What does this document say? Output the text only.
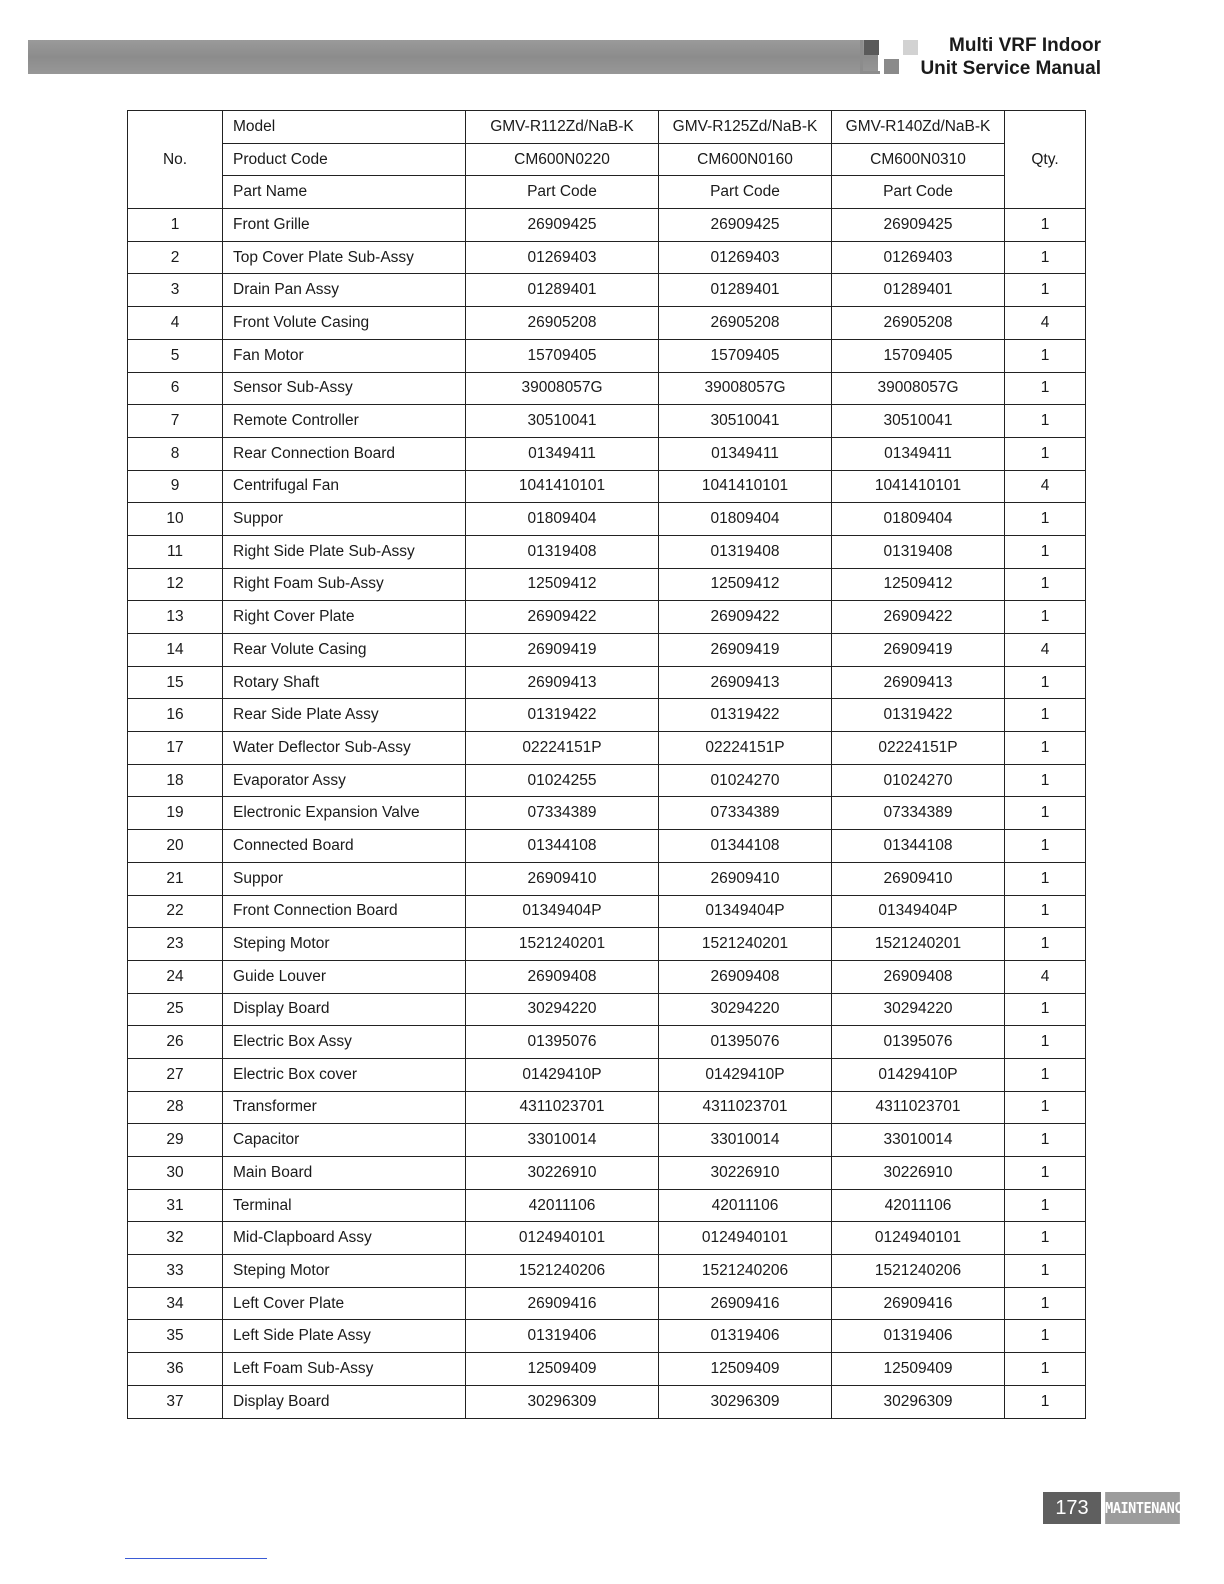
Multi VRF Indoor
Unit Service Manual
No.	Model	GMV-R112Zd/NaB-K	GMV-R125Zd/NaB-K	GMV-R140Zd/NaB-K	Qty.
	Product Code	CM600N0220	CM600N0160	CM600N0310	
	Part Name	Part Code	Part Code	Part Code	
1	Front Grille	26909425	26909425	26909425	1
2	Top Cover Plate Sub-Assy	01269403	01269403	01269403	1
3	Drain Pan Assy	01289401	01289401	01289401	1
4	Front Volute Casing	26905208	26905208	26905208	4
5	Fan Motor	15709405	15709405	15709405	1
6	Sensor Sub-Assy	39008057G	39008057G	39008057G	1
7	Remote Controller	30510041	30510041	30510041	1
8	Rear Connection Board	01349411	01349411	01349411	1
9	Centrifugal Fan	1041410101	1041410101	1041410101	4
10	Suppor	01809404	01809404	01809404	1
11	Right Side Plate Sub-Assy	01319408	01319408	01319408	1
12	Right Foam Sub-Assy	12509412	12509412	12509412	1
13	Right Cover Plate	26909422	26909422	26909422	1
14	Rear Volute Casing	26909419	26909419	26909419	4
15	Rotary Shaft	26909413	26909413	26909413	1
16	Rear Side Plate Assy	01319422	01319422	01319422	1
17	Water Deflector Sub-Assy	02224151P	02224151P	02224151P	1
18	Evaporator Assy	01024255	01024270	01024270	1
19	Electronic Expansion Valve	07334389	07334389	07334389	1
20	Connected Board	01344108	01344108	01344108	1
21	Suppor	26909410	26909410	26909410	1
22	Front Connection Board	01349404P	01349404P	01349404P	1
23	Steping Motor	1521240201	1521240201	1521240201	1
24	Guide Louver	26909408	26909408	26909408	4
25	Display Board	30294220	30294220	30294220	1
26	Electric Box Assy	01395076	01395076	01395076	1
27	Electric Box cover	01429410P	01429410P	01429410P	1
28	Transformer	4311023701	4311023701	4311023701	1
29	Capacitor	33010014	33010014	33010014	1
30	Main Board	30226910	30226910	30226910	1
31	Terminal	42011106	42011106	42011106	1
32	Mid-Clapboard Assy	0124940101	0124940101	0124940101	1
33	Steping Motor	1521240206	1521240206	1521240206	1
34	Left Cover Plate	26909416	26909416	26909416	1
35	Left Side Plate Assy	01319406	01319406	01319406	1
36	Left Foam Sub-Assy	12509409	12509409	12509409	1
37	Display Board	30296309	30296309	30296309	1
173	MAINTENANCE
